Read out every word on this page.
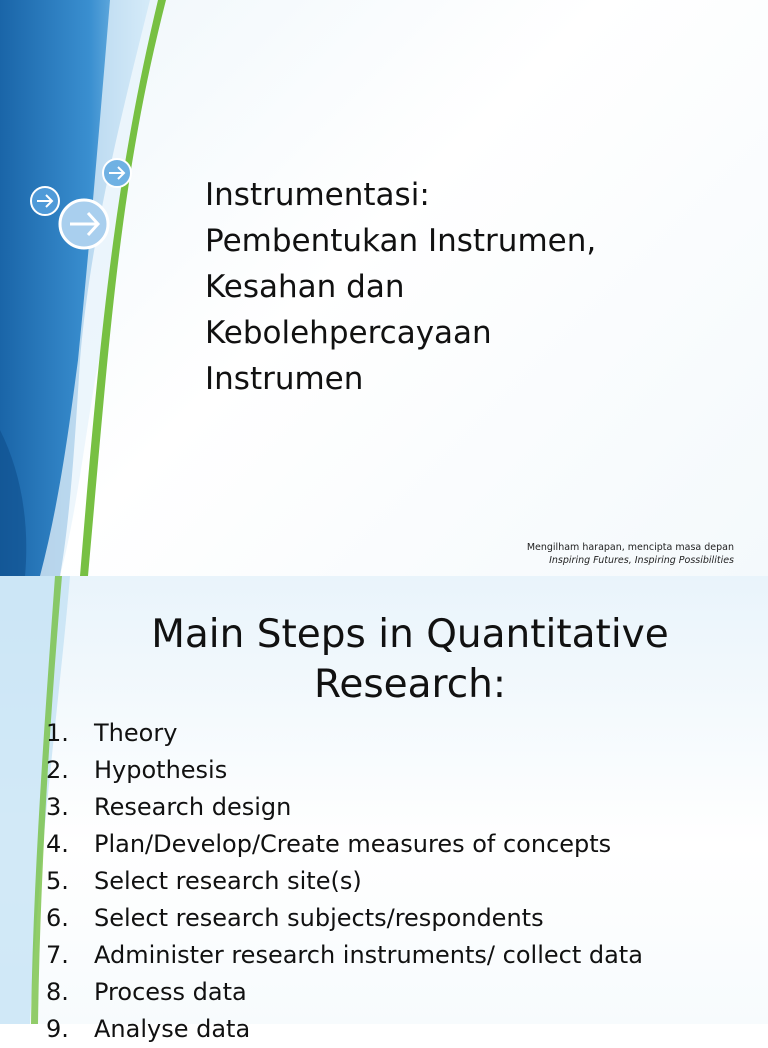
Instrumentasi:
Pembentukan Instrumen,
Kesahan dan
Kebolehpercayaan
Instrumen
Mengilham harapan, mencipta masa depan
Inspiring Futures, Inspiring Possibilities
Main Steps in Quantitative
Research:
1. Theory
2. Hypothesis
3. Research design
4. Plan/Develop/Create measures of concepts
5. Select research site(s)
6. Select research subjects/respondents
7. Administer research instruments/ collect data
8. Process data
9. Analyse data
